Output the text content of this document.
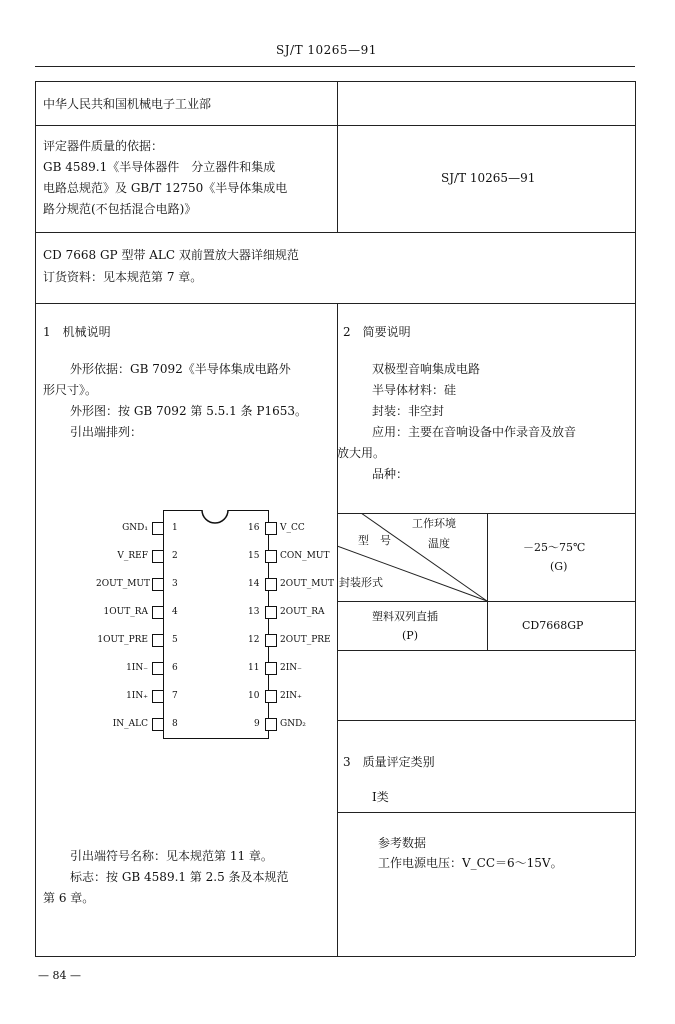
SJ/T 10265—91
中华人民共和国机械电子工业部
评定器件质量的依据：
GB 4589.1《半导体器件　分立器件和集成
电路总规范》及 GB/T 12750《半导体集成电
路分规范(不包括混合电路)》
SJ/T 10265—91
CD 7668 GP 型带 ALC 双前置放大器详细规范
订货资料：见本规范第 7 章。
1　机械说明
外形依据：GB 7092《半导体集成电路外
形尺寸》。
外形图：按 GB 7092 第 5.5.1 条 P1653。
引出端排列：
GND₁
V_REF
2OUT_MUT
1OUT_RA
1OUT_PRE
1IN₋
1IN₊
IN_ALC
1
2
3
4
5
6
7
8
16
15
14
13
12
11
10
9
V_CC
CON_MUT
2OUT_MUT
2OUT_RA
2OUT_PRE
2IN₋
2IN₊
GND₂
引出端符号名称：见本规范第 11 章。
标志：按 GB 4589.1 第 2.5 条及本规范
第 6 章。
2　简要说明
双极型音响集成电路
半导体材料：硅
封装：非空封
应用：主要在音响设备中作录音及放音
放大用。
品种：
工作环境
温度
型　号
封装形式
－25～75℃
(G)
塑料双列直插
(P)
CD7668GP
3　质量评定类别
Ⅰ类
参考数据
工作电源电压：V_CC＝6～15V。
— 84 —
